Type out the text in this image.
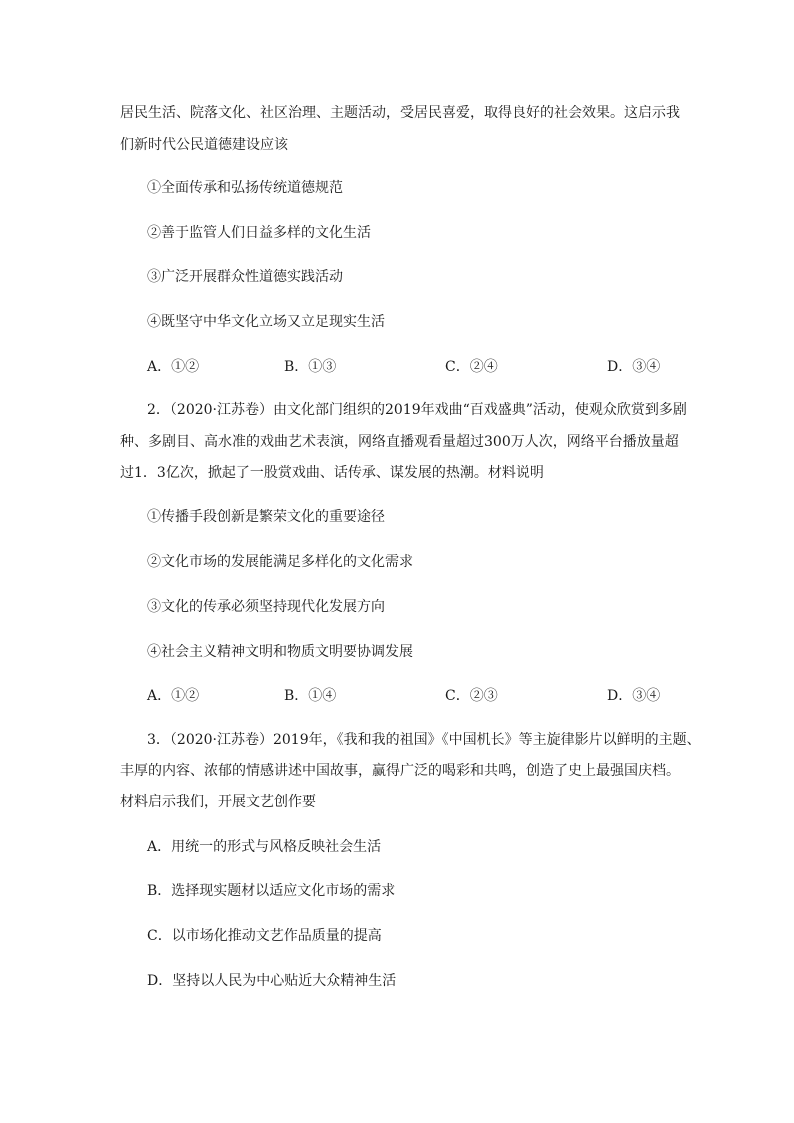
居民生活、院落文化、社区治理、主题活动，受居民喜爱，取得良好的社会效果。这启示我
们新时代公民道德建设应该
①全面传承和弘扬传统道德规范
②善于监管人们日益多样的文化生活
③广泛开展群众性道德实践活动
④既坚守中华文化立场又立足现实生活
A．①②	B．①③	C．②④	D．③④
2．（2020·江苏卷）由文化部门组织的2019年戏曲“百戏盛典”活动，使观众欣赏到多剧
种、多剧目、高水准的戏曲艺术表演，网络直播观看量超过300万人次，网络平台播放量超
过1．3亿次，掀起了一股赏戏曲、话传承、谋发展的热潮。材料说明
①传播手段创新是繁荣文化的重要途径
②文化市场的发展能满足多样化的文化需求
③文化的传承必须坚持现代化发展方向
④社会主义精神文明和物质文明要协调发展
A．①②	B．①④	C．②③	D．③④
3．（2020·江苏卷）2019年，《我和我的祖国》《中国机长》等主旋律影片以鲜明的主题、
丰厚的内容、浓郁的情感讲述中国故事，赢得广泛的喝彩和共鸣，创造了史上最强国庆档。
材料启示我们，开展文艺创作要
A．用统一的形式与风格反映社会生活
B．选择现实题材以适应文化市场的需求
C．以市场化推动文艺作品质量的提高
D．坚持以人民为中心贴近大众精神生活
